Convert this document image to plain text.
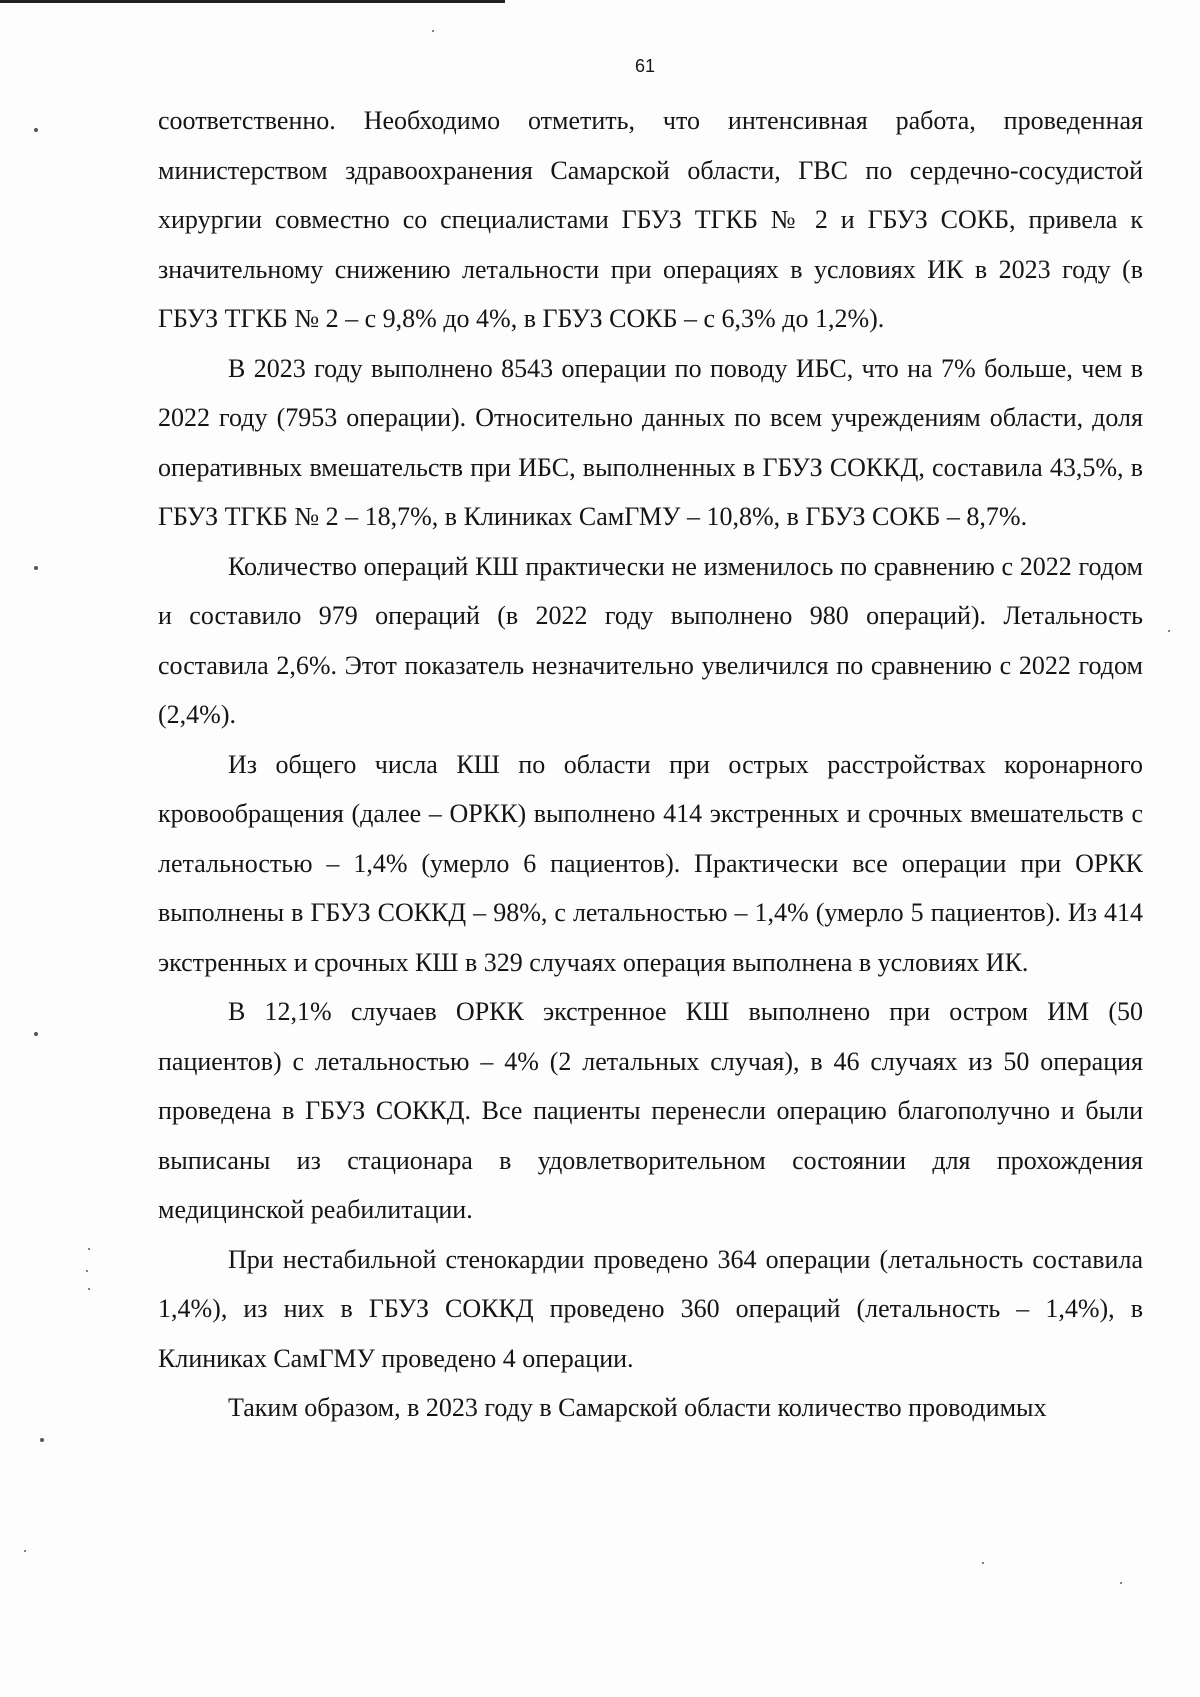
61

соответственно. Необходимо отметить, что интенсивная работа, проведенная министерством здравоохранения Самарской области, ГВС по сердечно-сосудистой хирургии совместно со специалистами ГБУЗ ТГКБ № 2 и ГБУЗ СОКБ, привела к значительному снижению летальности при операциях в условиях ИК в 2023 году (в ГБУЗ ТГКБ № 2 – с 9,8% до 4%, в ГБУЗ СОКБ – с 6,3% до 1,2%).

В 2023 году выполнено 8543 операции по поводу ИБС, что на 7% больше, чем в 2022 году (7953 операции). Относительно данных по всем учреждениям области, доля оперативных вмешательств при ИБС, выполненных в ГБУЗ СОККД, составила 43,5%, в ГБУЗ ТГКБ № 2 – 18,7%, в Клиниках СамГМУ – 10,8%, в ГБУЗ СОКБ – 8,7%.

Количество операций КШ практически не изменилось по сравнению с 2022 годом и составило 979 операций (в 2022 году выполнено 980 операций). Летальность составила 2,6%. Этот показатель незначительно увеличился по сравнению с 2022 годом (2,4%).

Из общего числа КШ по области при острых расстройствах коронарного кровообращения (далее – ОРКК) выполнено 414 экстренных и срочных вмешательств с летальностью – 1,4% (умерло 6 пациентов). Практически все операции при ОРКК выполнены в ГБУЗ СОККД – 98%, с летальностью – 1,4% (умерло 5 пациентов). Из 414 экстренных и срочных КШ в 329 случаях операция выполнена в условиях ИК.

В 12,1% случаев ОРКК экстренное КШ выполнено при остром ИМ (50 пациентов) с летальностью – 4% (2 летальных случая), в 46 случаях из 50 операция проведена в ГБУЗ СОККД. Все пациенты перенесли операцию благополучно и были выписаны из стационара в удовлетворительном состоянии для прохождения медицинской реабилитации.

При нестабильной стенокардии проведено 364 операции (летальность составила 1,4%), из них в ГБУЗ СОККД проведено 360 операций (летальность – 1,4%), в Клиниках СамГМУ проведено 4 операции.

Таким образом, в 2023 году в Самарской области количество проводимых
